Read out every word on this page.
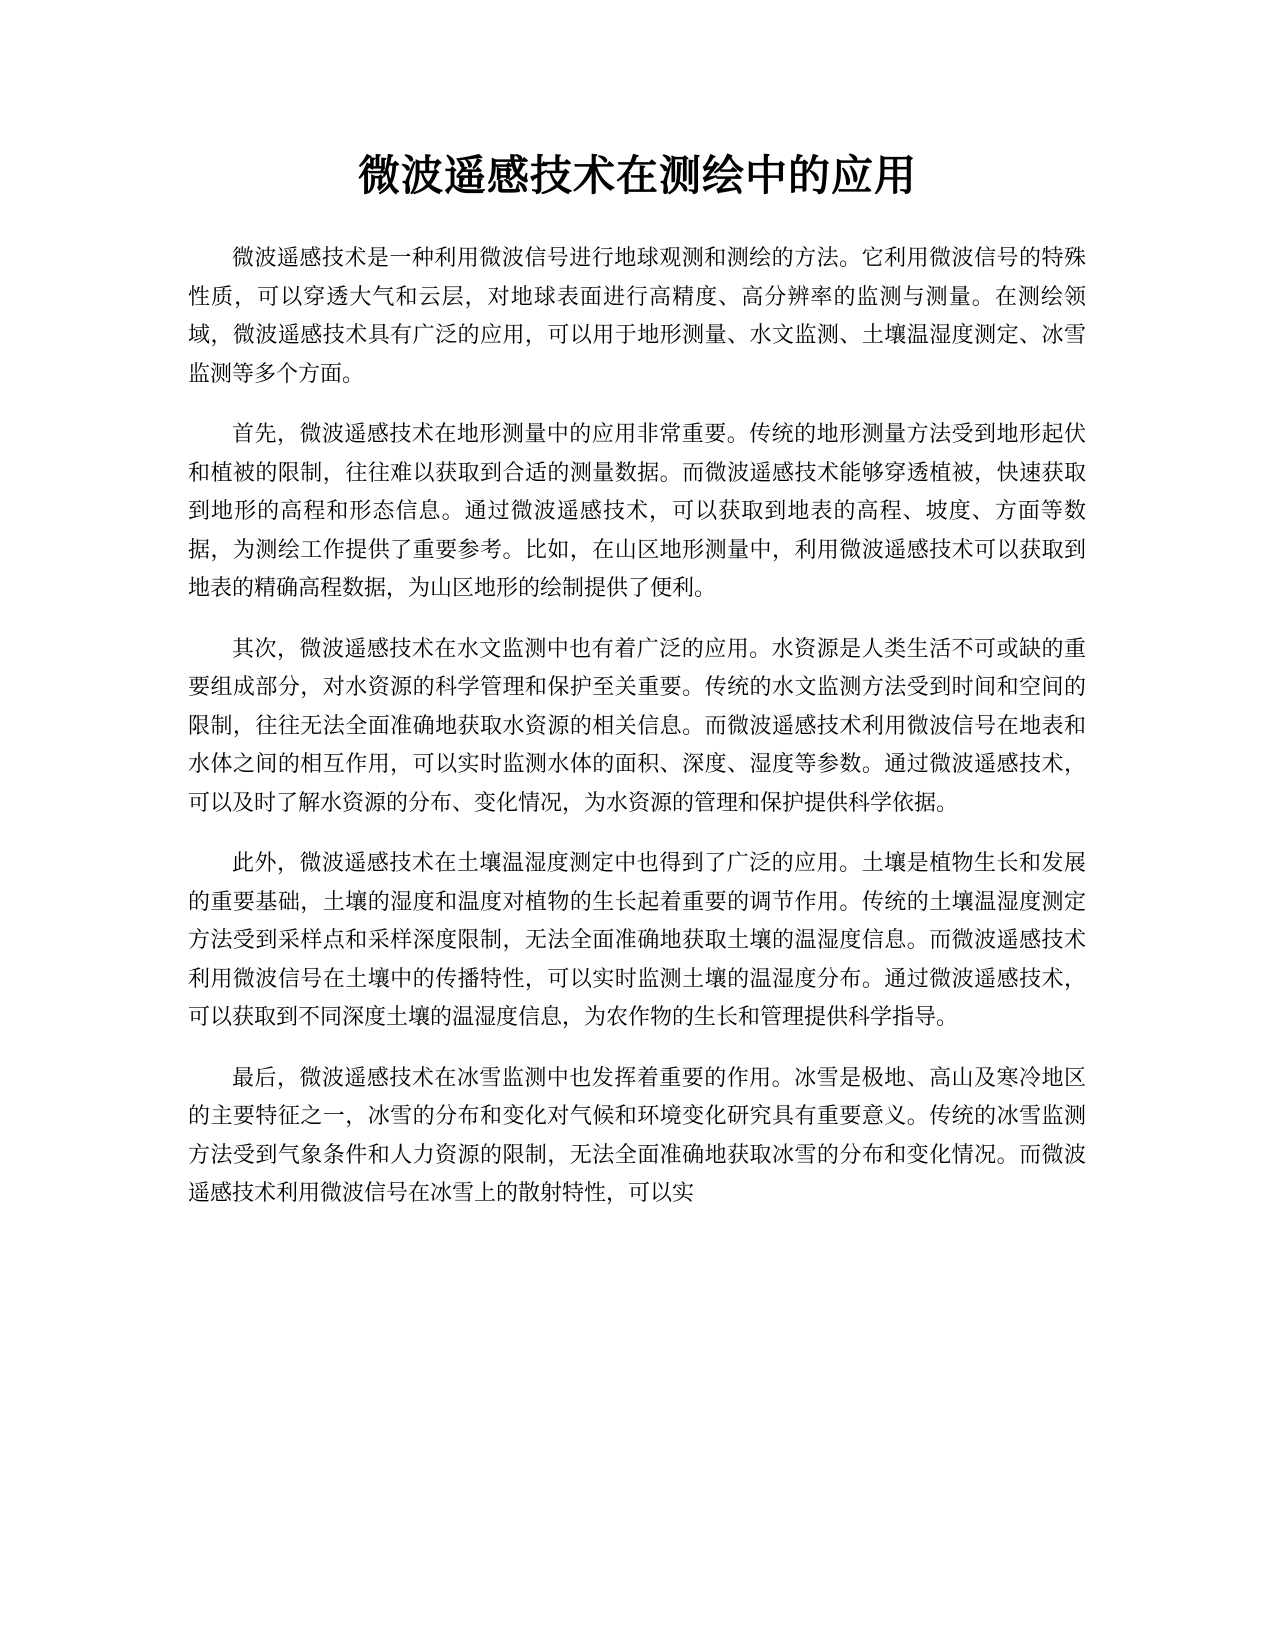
微波遥感技术在测绘中的应用

微波遥感技术是一种利用微波信号进行地球观测和测绘的方法。它利用微波信号的特殊性质，可以穿透大气和云层，对地球表面进行高精度、高分辨率的监测与测量。在测绘领域，微波遥感技术具有广泛的应用，可以用于地形测量、水文监测、土壤温湿度测定、冰雪监测等多个方面。

首先，微波遥感技术在地形测量中的应用非常重要。传统的地形测量方法受到地形起伏和植被的限制，往往难以获取到合适的测量数据。而微波遥感技术能够穿透植被，快速获取到地形的高程和形态信息。通过微波遥感技术，可以获取到地表的高程、坡度、方面等数据，为测绘工作提供了重要参考。比如，在山区地形测量中，利用微波遥感技术可以获取到地表的精确高程数据，为山区地形的绘制提供了便利。

其次，微波遥感技术在水文监测中也有着广泛的应用。水资源是人类生活不可或缺的重要组成部分，对水资源的科学管理和保护至关重要。传统的水文监测方法受到时间和空间的限制，往往无法全面准确地获取水资源的相关信息。而微波遥感技术利用微波信号在地表和水体之间的相互作用，可以实时监测水体的面积、深度、湿度等参数。通过微波遥感技术，可以及时了解水资源的分布、变化情况，为水资源的管理和保护提供科学依据。

此外，微波遥感技术在土壤温湿度测定中也得到了广泛的应用。土壤是植物生长和发展的重要基础，土壤的湿度和温度对植物的生长起着重要的调节作用。传统的土壤温湿度测定方法受到采样点和采样深度限制，无法全面准确地获取土壤的温湿度信息。而微波遥感技术利用微波信号在土壤中的传播特性，可以实时监测土壤的温湿度分布。通过微波遥感技术，可以获取到不同深度土壤的温湿度信息，为农作物的生长和管理提供科学指导。

最后，微波遥感技术在冰雪监测中也发挥着重要的作用。冰雪是极地、高山及寒冷地区的主要特征之一，冰雪的分布和变化对气候和环境变化研究具有重要意义。传统的冰雪监测方法受到气象条件和人力资源的限制，无法全面准确地获取冰雪的分布和变化情况。而微波遥感技术利用微波信号在冰雪上的散射特性，可以实
